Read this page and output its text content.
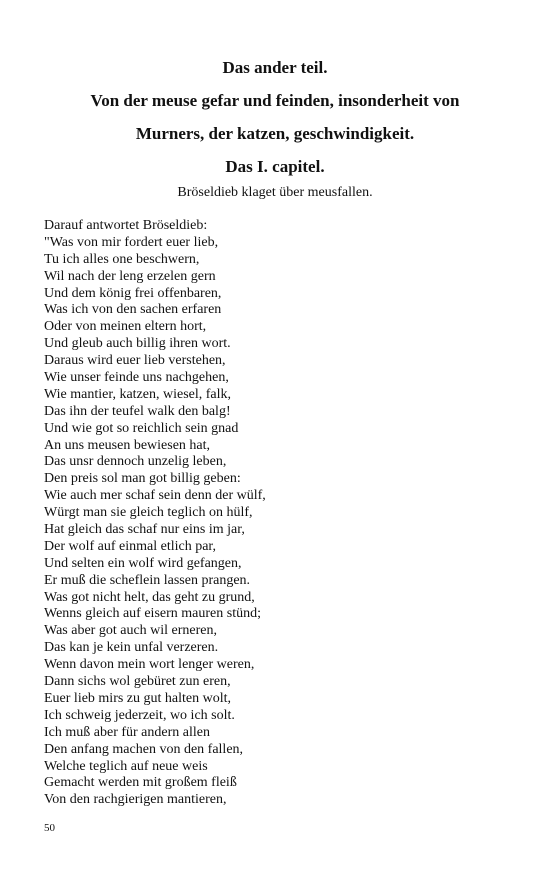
Das ander teil.
Von der meuse gefar und feinden, insonderheit von
Murners, der katzen, geschwindigkeit.
Das I. capitel.

Bröseldieb klaget über meusfallen.

Darauf antwortet Bröseldieb:
"Was von mir fordert euer lieb,
Tu ich alles one beschwern,
Wil nach der leng erzelen gern
Und dem könig frei offenbaren,
Was ich von den sachen erfaren
Oder von meinen eltern hort,
Und gleub auch billig ihren wort.
Daraus wird euer lieb verstehen,
Wie unser feinde uns nachgehen,
Wie mantier, katzen, wiesel, falk,
Das ihn der teufel walk den balg!
Und wie got so reichlich sein gnad
An uns meusen bewiesen hat,
Das unsr dennoch unzelig leben,
Den preis sol man got billig geben:
Wie auch mer schaf sein denn der wülf,
Würgt man sie gleich teglich on hülf,
Hat gleich das schaf nur eins im jar,
Der wolf auf einmal etlich par,
Und selten ein wolf wird gefangen,
Er muß die scheflein lassen prangen.
Was got nicht helt, das geht zu grund,
Wenns gleich auf eisern mauren stünd;
Was aber got auch wil erneren,
Das kan je kein unfal verzeren.
Wenn davon mein wort lenger weren,
Dann sichs wol gebüret zun eren,
Euer lieb mirs zu gut halten wolt,
Ich schweig jederzeit, wo ich solt.
Ich muß aber für andern allen
Den anfang machen von den fallen,
Welche teglich auf neue weis
Gemacht werden mit großem fleiß
Von den rachgierigen mantieren,

50
